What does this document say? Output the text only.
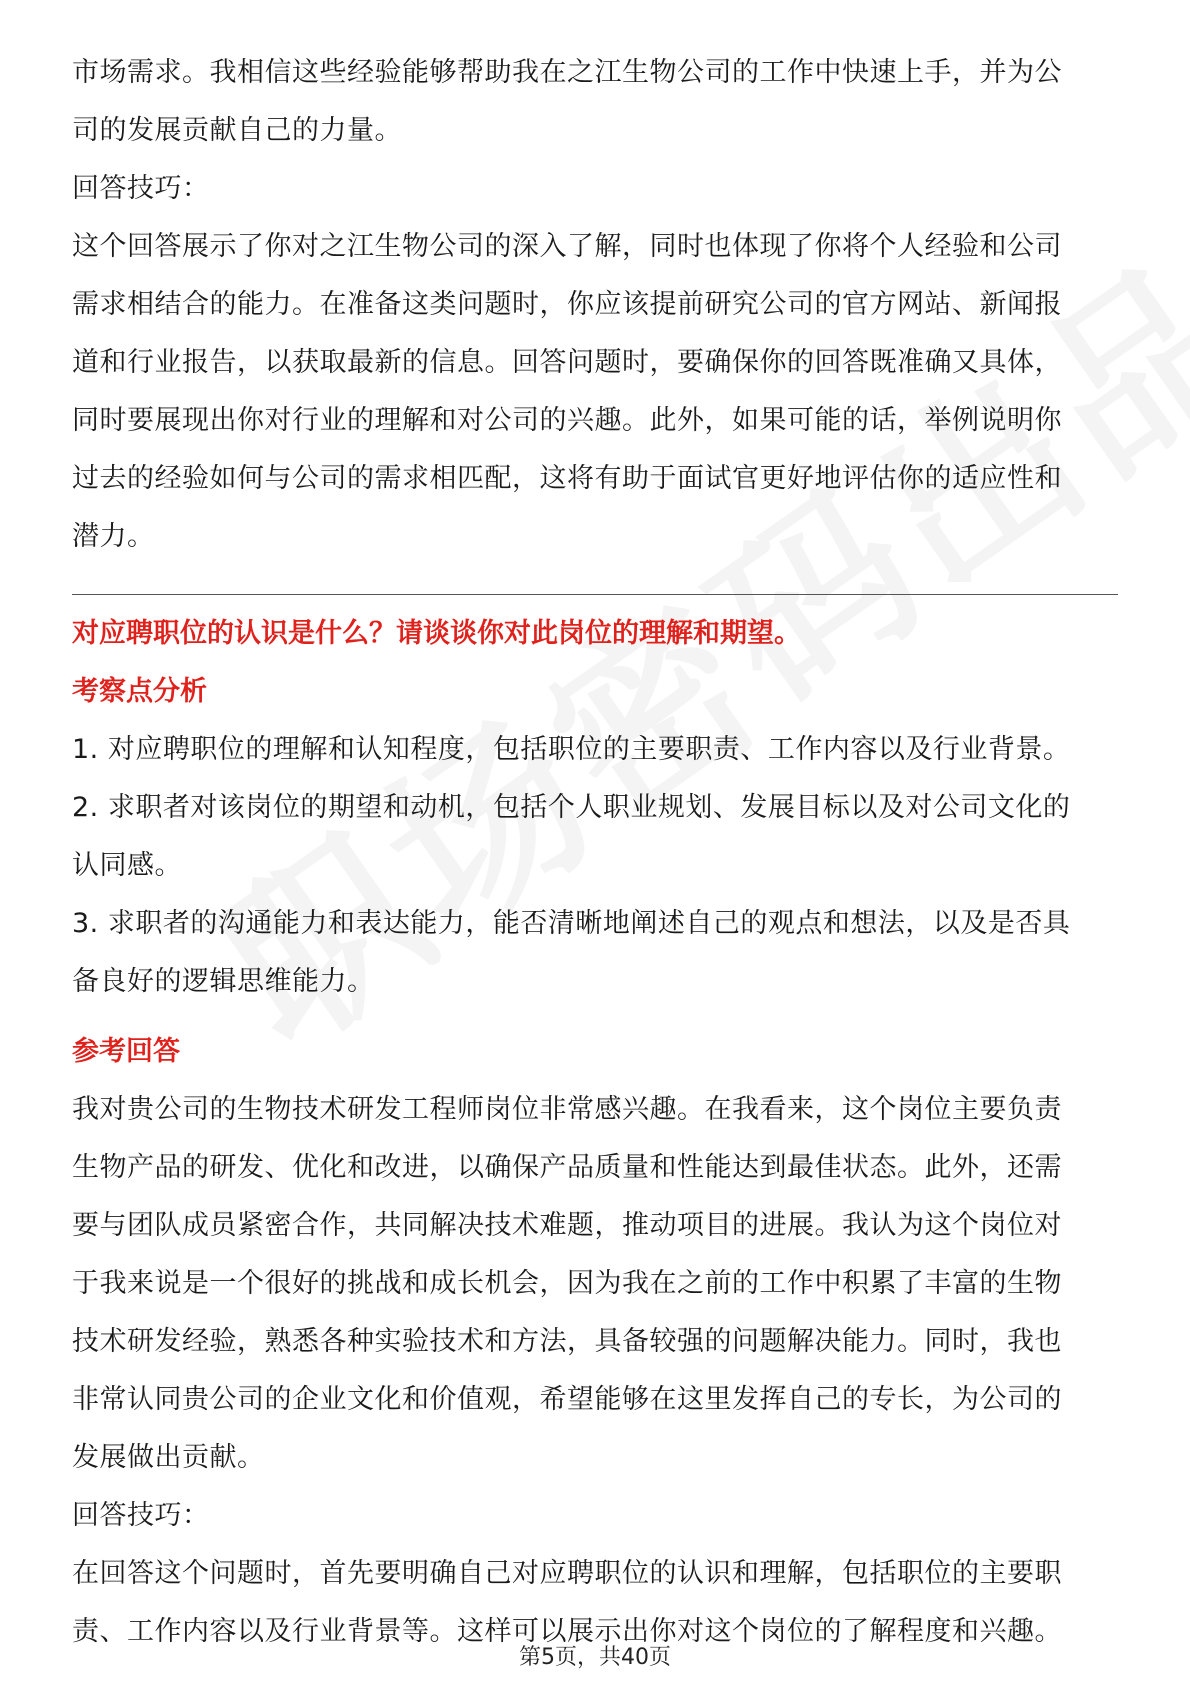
市场需求。我相信这些经验能够帮助我在之江生物公司的工作中快速上手，并为公

司的发展贡献自己的力量。

回答技巧：

这个回答展示了你对之江生物公司的深入了解，同时也体现了你将个人经验和公司

需求相结合的能力。在准备这类问题时，你应该提前研究公司的官方网站、新闻报

道和行业报告，以获取最新的信息。回答问题时，要确保你的回答既准确又具体，

同时要展现出你对行业的理解和对公司的兴趣。此外，如果可能的话，举例说明你

过去的经验如何与公司的需求相匹配，这将有助于面试官更好地评估你的适应性和

潜力。

对应聘职位的认识是什么？请谈谈你对此岗位的理解和期望。

考察点分析

1. 对应聘职位的理解和认知程度，包括职位的主要职责、工作内容以及行业背景。

2. 求职者对该岗位的期望和动机，包括个人职业规划、发展目标以及对公司文化的

认同感。

3. 求职者的沟通能力和表达能力，能否清晰地阐述自己的观点和想法，以及是否具

备良好的逻辑思维能力。

参考回答

我对贵公司的生物技术研发工程师岗位非常感兴趣。在我看来，这个岗位主要负责

生物产品的研发、优化和改进，以确保产品质量和性能达到最佳状态。此外，还需

要与团队成员紧密合作，共同解决技术难题，推动项目的进展。我认为这个岗位对

于我来说是一个很好的挑战和成长机会，因为我在之前的工作中积累了丰富的生物

技术研发经验，熟悉各种实验技术和方法，具备较强的问题解决能力。同时，我也

非常认同贵公司的企业文化和价值观，希望能够在这里发挥自己的专长，为公司的

发展做出贡献。

回答技巧：

在回答这个问题时，首先要明确自己对应聘职位的认识和理解，包括职位的主要职

责、工作内容以及行业背景等。这样可以展示出你对这个岗位的了解程度和兴趣。

第5页，共40页
